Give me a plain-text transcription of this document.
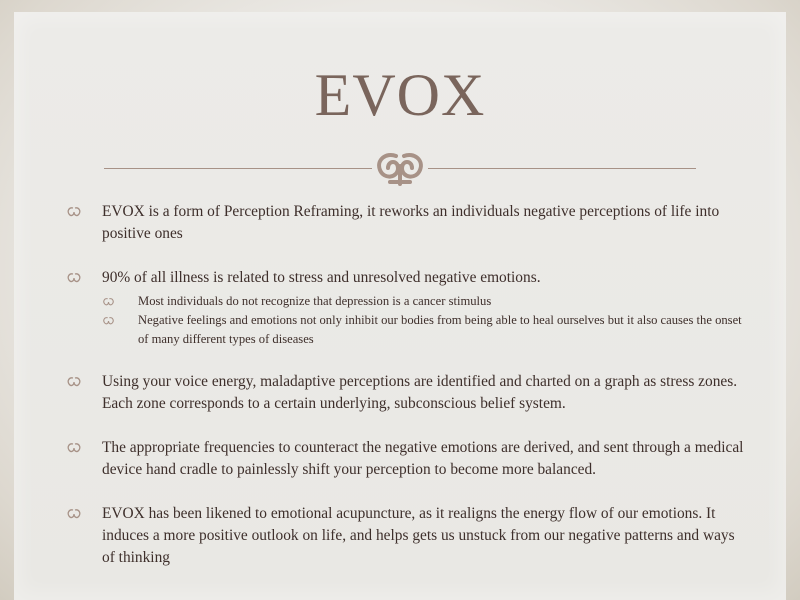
EVOX
EVOX is a form of Perception Reframing, it reworks an individuals negative perceptions of life into positive ones
90% of all illness is related to stress and unresolved negative emotions.
Most individuals do not recognize that depression is a cancer stimulus
Negative feelings and emotions not only inhibit our bodies from being able to heal ourselves but it also causes the onset of many different types of diseases
Using your voice energy, maladaptive perceptions are identified and charted on a graph as stress zones. Each zone corresponds to a certain underlying, subconscious belief system.
The appropriate frequencies to counteract the negative emotions are derived, and sent through a medical device hand cradle to painlessly shift your perception to become more balanced.
EVOX has been likened to emotional acupuncture, as it realigns the energy flow of our emotions. It induces a more positive outlook on life, and helps gets us unstuck from our negative patterns and ways of thinking
